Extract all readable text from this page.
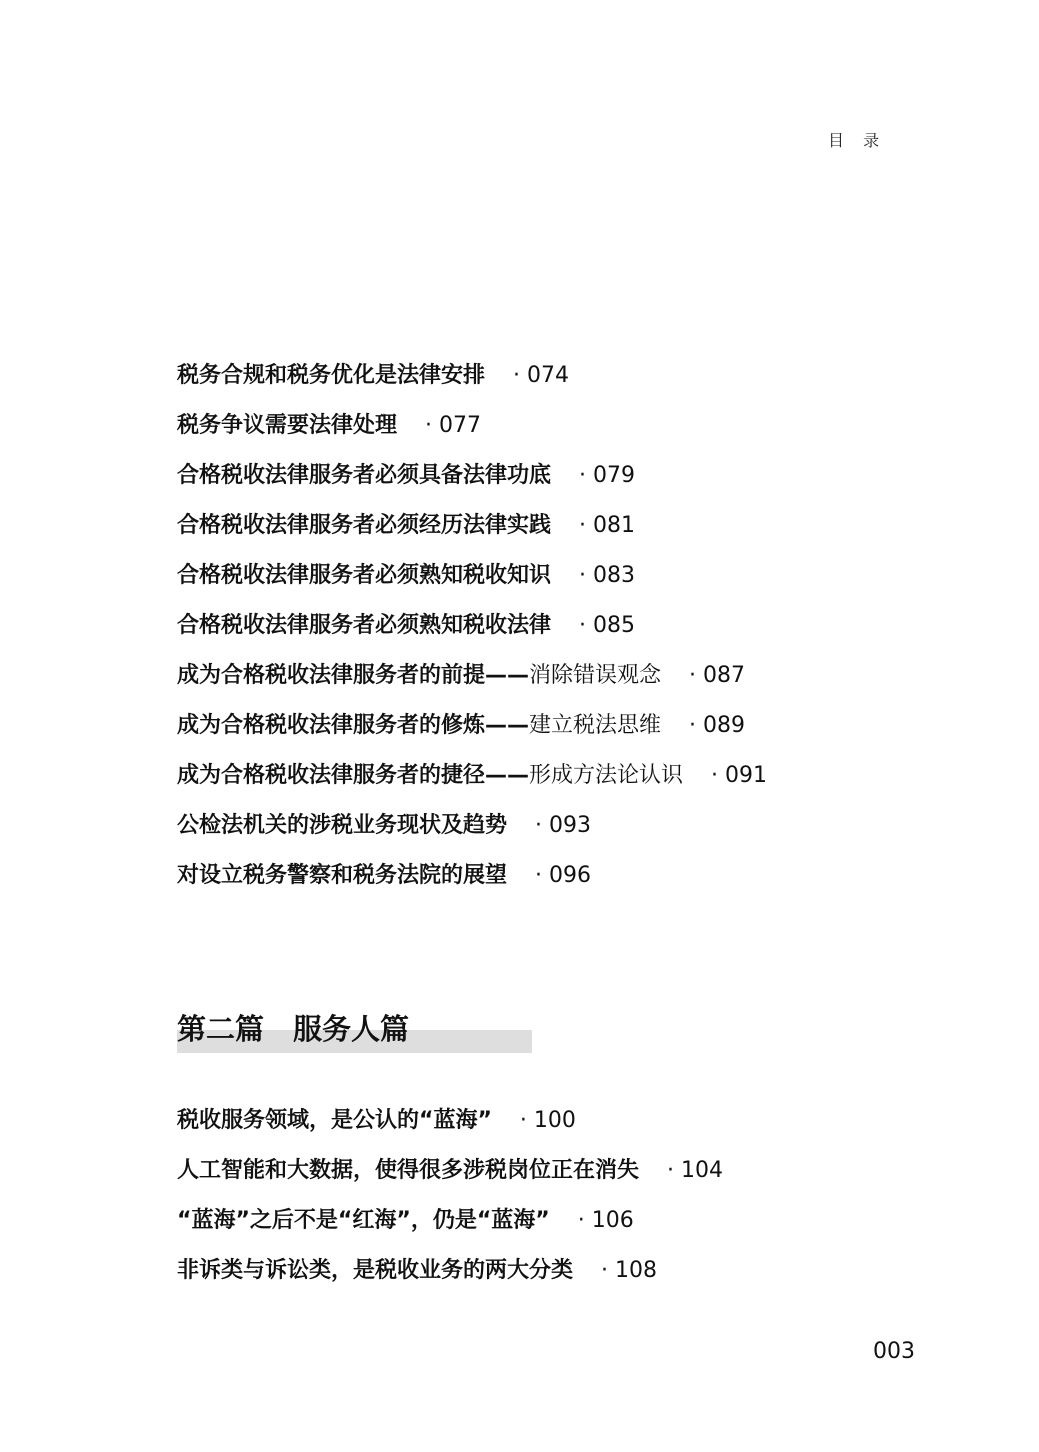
目 录
税务合规和税务优化是法律安排 · 074
税务争议需要法律处理 · 077
合格税收法律服务者必须具备法律功底 · 079
合格税收法律服务者必须经历法律实践 · 081
合格税收法律服务者必须熟知税收知识 · 083
合格税收法律服务者必须熟知税收法律 · 085
成为合格税收法律服务者的前提——消除错误观念 · 087
成为合格税收法律服务者的修炼——建立税法思维 · 089
成为合格税收法律服务者的捷径——形成方法论认识 · 091
公检法机关的涉税业务现状及趋势 · 093
对设立税务警察和税务法院的展望 · 096
第二篇　服务人篇
税收服务领域，是公认的“蓝海” · 100
人工智能和大数据，使得很多涉税岗位正在消失 · 104
“蓝海”之后不是“红海”，仍是“蓝海” · 106
非诉类与诉讼类，是税收业务的两大分类 · 108
003
